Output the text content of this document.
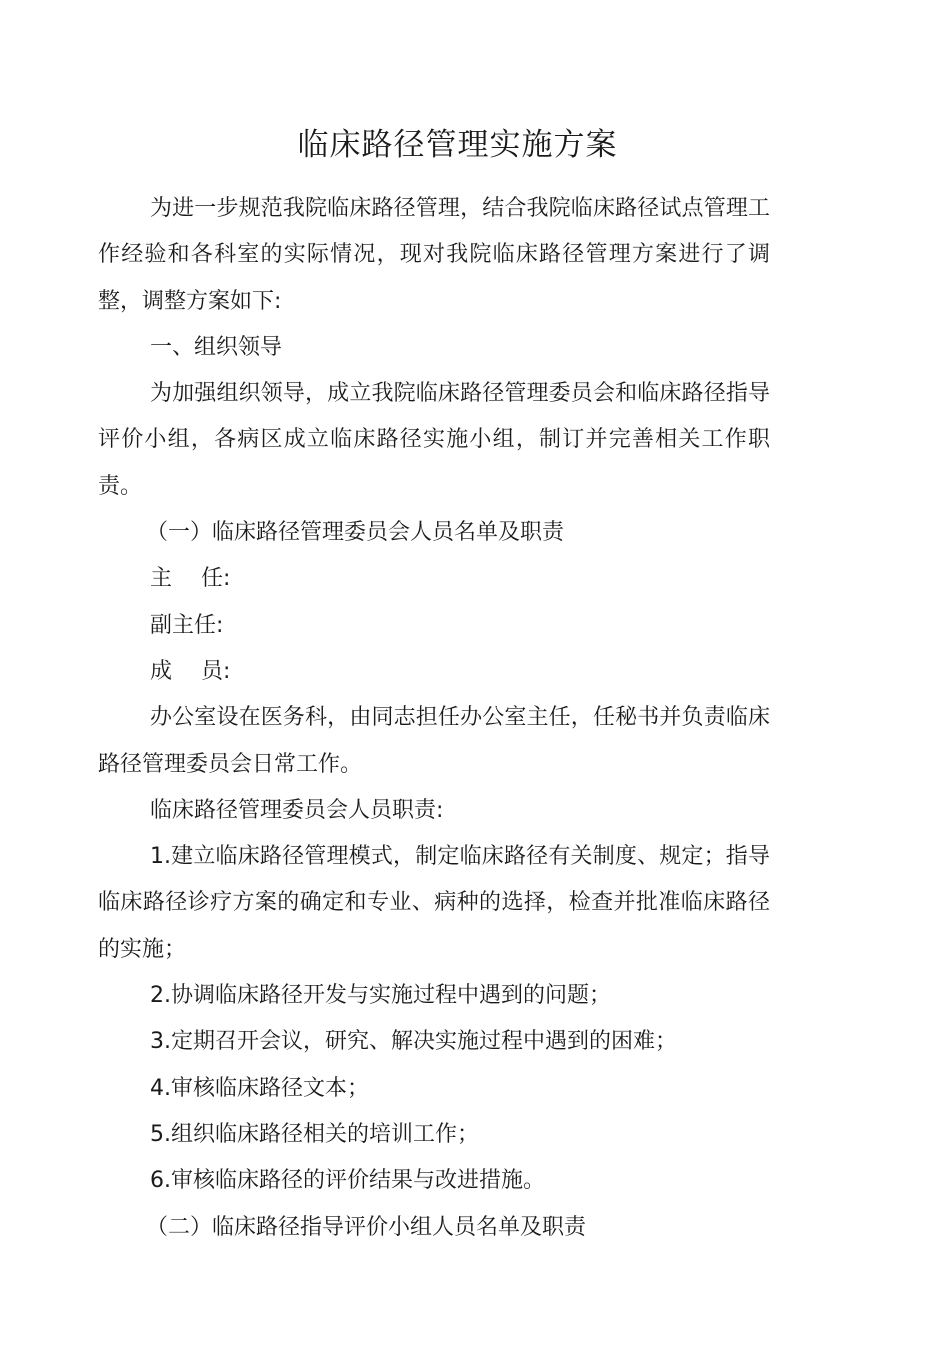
临床路径管理实施方案

为进一步规范我院临床路径管理，结合我院临床路径试点管理工作经验和各科室的实际情况，现对我院临床路径管理方案进行了调整，调整方案如下:

一、组织领导

为加强组织领导，成立我院临床路径管理委员会和临床路径指导评价小组，各病区成立临床路径实施小组，制订并完善相关工作职责。

（一）临床路径管理委员会人员名单及职责

主　 任:

副主任:

成　 员:

办公室设在医务科，由同志担任办公室主任，任秘书并负责临床路径管理委员会日常工作。

临床路径管理委员会人员职责:

1.建立临床路径管理模式，制定临床路径有关制度、规定；指导临床路径诊疗方案的确定和专业、病种的选择，检查并批准临床路径的实施；

2.协调临床路径开发与实施过程中遇到的问题；

3.定期召开会议，研究、解决实施过程中遇到的困难；

4.审核临床路径文本；

5.组织临床路径相关的培训工作；

6.审核临床路径的评价结果与改进措施。

（二）临床路径指导评价小组人员名单及职责
